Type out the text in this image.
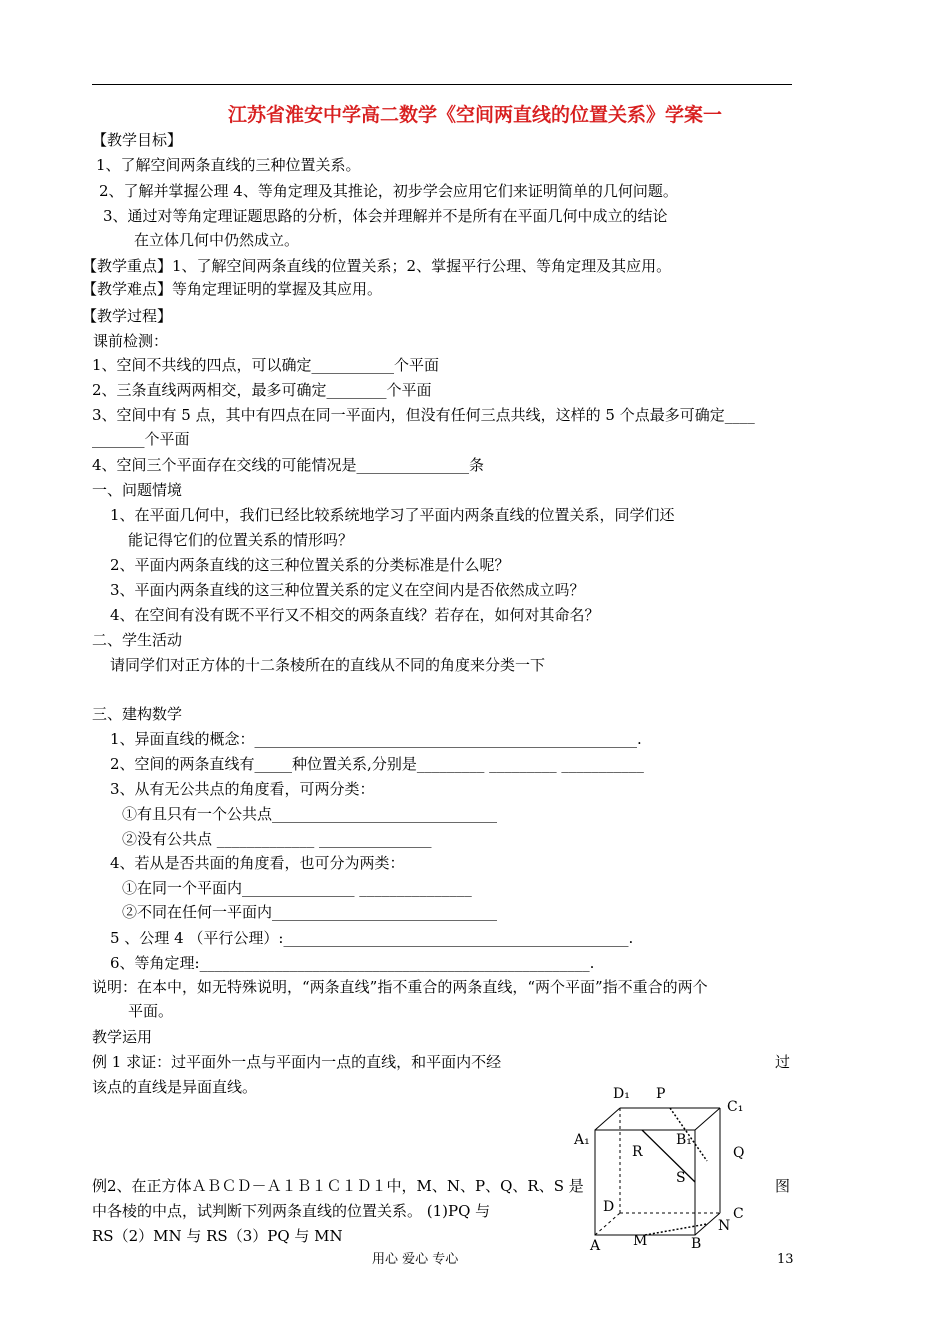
江苏省淮安中学高二数学《空间两直线的位置关系》学案一
【教学目标】
1、了解空间两条直线的三种位置关系。
2、了解并掌握公理 4、等角定理及其推论，初步学会应用它们来证明简单的几何问题。
3、通过对等角定理证题思路的分析，体会并理解并不是所有在平面几何中成立的结论
在立体几何中仍然成立。
【教学重点】1、了解空间两条直线的位置关系；2、掌握平行公理、等角定理及其应用。
【教学难点】等角定理证明的掌握及其应用。
【教学过程】
课前检测：
1、空间不共线的四点，可以确定___________个平面
2、三条直线两两相交，最多可确定________个平面
3、空间中有 5 点，其中有四点在同一平面内，但没有任何三点共线，这样的 5 个点最多可确定____
_______个平面
4、空间三个平面存在交线的可能情况是_______________条
一、问题情境
1、在平面几何中，我们已经比较系统地学习了平面内两条直线的位置关系，同学们还
能记得它们的位置关系的情形吗？
2、平面内两条直线的这三种位置关系的分类标准是什么呢？
3、平面内两条直线的这三种位置关系的定义在空间内是否依然成立吗？
4、在空间有没有既不平行又不相交的两条直线？若存在，如何对其命名？
二、学生活动
请同学们对正方体的十二条棱所在的直线从不同的角度来分类一下
三、建构数学
1、异面直线的概念：___________________________________________________.
2、空间的两条直线有_____种位置关系,分别是_________ _________ ___________
3、从有无公共点的角度看，可两分类：
①有且只有一个公共点______________________________
②没有公共点 _____________ _______________
4、若从是否共面的角度看，也可分为两类：
①在同一个平面内_______________ _______________
②不同在任何一平面内______________________________
5 、公理 4 （平行公理）:______________________________________________.
6、等角定理:____________________________________________________.
说明：在本中，如无特殊说明，“两条直线”指不重合的两条直线，“两个平面”指不重合的两个
平面。
教学运用
例 1 求证：过平面外一点与平面内一点的直线，和平面内不经	过
该点的直线是异面直线。
例2、在正方体ＡＢＣＤ－Ａ１Ｂ１Ｃ１Ｄ１中，M、N、P、Q、R、S 是	图
中各棱的中点，试判断下列两条直线的位置关系。 (1)PQ 与
RS（2）MN 与 RS（3）PQ 与 MN
D₁ P
C₁
A₁	B₁
R	Q
S
D	C
N
A M	B
用心 爱心 专心	13
